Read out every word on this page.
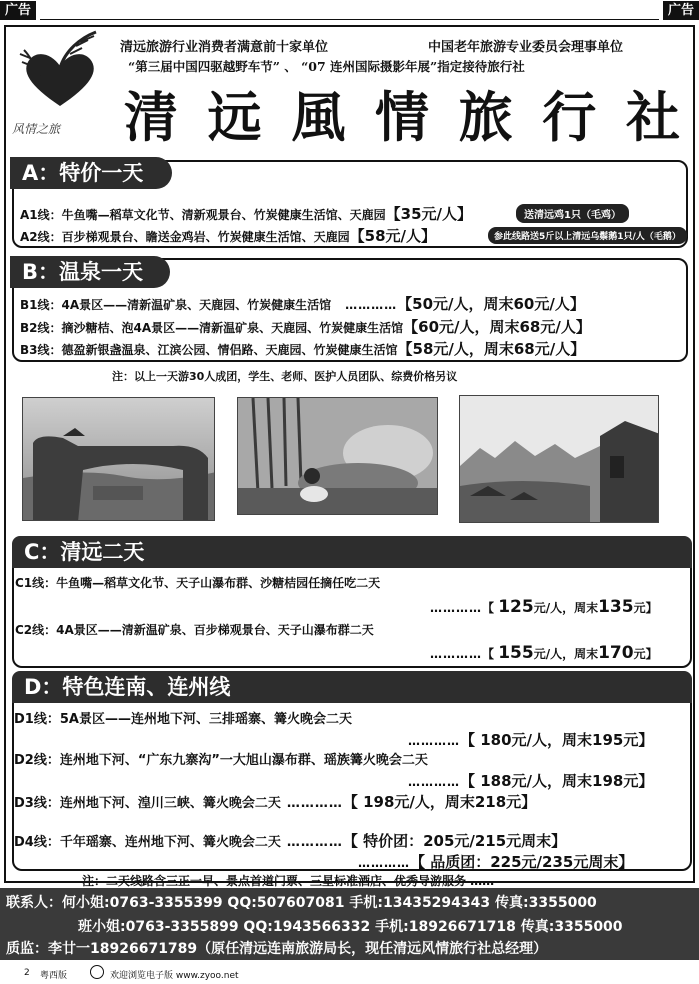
广告	广告
风情之旅
清远旅游行业消费者满意前十家单位	中国老年旅游专业委员会理事单位
“第三届中国四驱越野车节” 、 “07 连州国际摄影年展”指定接待旅行社
清 远 風 情 旅 行 社
A：特价一天
A1线：牛鱼嘴—稻草文化节、清新观景台、竹炭健康生活馆、天鹿园【35元/人】	送清远鸡1只（毛鸡）
A2线：百步梯观景台、瞻送金鸡岩、竹炭健康生活馆、天鹿园【58元/人】	参此线路送5斤以上清远乌鬃鹅1只/人（毛鹅）
B：温泉一天
B1线：4A景区——清新温矿泉、天鹿园、竹炭健康生活馆 …………【50元/人，周末60元/人】
B2线：摘沙糖桔、泡4A景区——清新温矿泉、天鹿园、竹炭健康生活馆【60元/人，周末68元/人】
B3线：德盈新银盏温泉、江滨公园、情侣路、天鹿园、竹炭健康生活馆【58元/人，周末68元/人】
注：以上一天游30人成团，学生、老师、医护人员团队、综费价格另议
C：清远二天
C1线：牛鱼嘴—稻草文化节、天子山瀑布群、沙糖桔园任摘任吃二天
…………【 125元/人，周末135元】
C2线：4A景区——清新温矿泉、百步梯观景台、天子山瀑布群二天
…………【 155元/人，周末170元】
D：特色连南、连州线
D1线：5A景区——连州地下河、三排瑶寨、篝火晚会二天
…………【 180元/人，周末195元】
D2线：连州地下河、“广东九寨沟”一大旭山瀑布群、瑶族篝火晚会二天
…………【 188元/人，周末198元】
D3线：连州地下河、湟川三峡、篝火晚会二天 …………【 198元/人，周末218元】
D4线：千年瑶寨、连州地下河、篝火晚会二天 …………【 特价团：205元/215元周末】
…………【 品质团：225元/235元周末】
注：二天线路含三正一早、景点首道门票、三星标准酒店、优秀导游服务 ……
联系人：何小姐:0763-3355399 QQ:507607081 手机:13435294343 传真:3355000
班小姐:0763-3355899 QQ:1943566332 手机:18926671718 传真:3355000
质监：李廿一18926671789（原任清远连南旅游局长，现任清远风情旅行社总经理）
2 粤西版	欢迎浏览电子版 www.zyoo.net
